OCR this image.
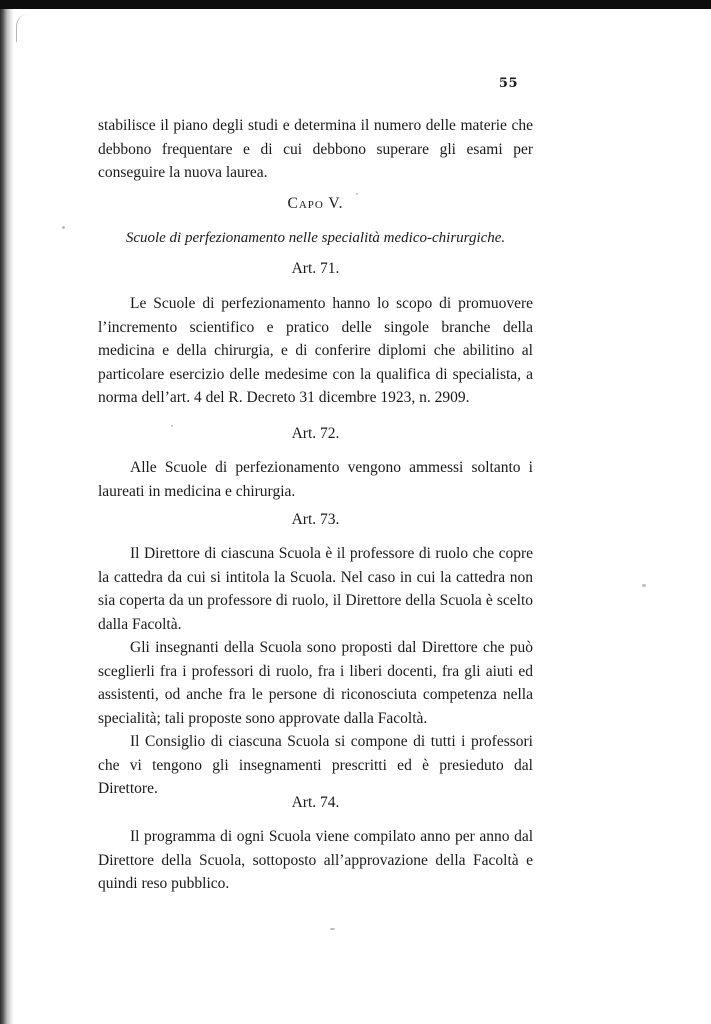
55

stabilisce il piano degli studi e determina il numero delle materie che debbono frequentare e di cui debbono superare gli esami per conseguire la nuova laurea.

Capo V.
Scuole di perfezionamento nelle specialità medico-chirurgiche.
Art. 71.

Le Scuole di perfezionamento hanno lo scopo di promuovere l’incremento scientifico e pratico delle singole branche della medicina e della chirurgia, e di conferire diplomi che abilitino al particolare esercizio delle medesime con la qualifica di specialista, a norma dell’art. 4 del R. Decreto 31 dicembre 1923, n. 2909.

Art. 72.

Alle Scuole di perfezionamento vengono ammessi soltanto i laureati in medicina e chirurgia.

Art. 73.

Il Direttore di ciascuna Scuola è il professore di ruolo che copre la cattedra da cui si intitola la Scuola. Nel caso in cui la cattedra non sia coperta da un professore di ruolo, il Direttore della Scuola è scelto dalla Facoltà.

Gli insegnanti della Scuola sono proposti dal Direttore che può sceglierli fra i professori di ruolo, fra i liberi docenti, fra gli aiuti ed assistenti, od anche fra le persone di riconosciuta competenza nella specialità; tali proposte sono approvate dalla Facoltà.

Il Consiglio di ciascuna Scuola si compone di tutti i professori che vi tengono gli insegnamenti prescritti ed è presieduto dal Direttore.

Art. 74.

Il programma di ogni Scuola viene compilato anno per anno dal Direttore della Scuola, sottoposto all’approvazione della Facoltà e quindi reso pubblico.
